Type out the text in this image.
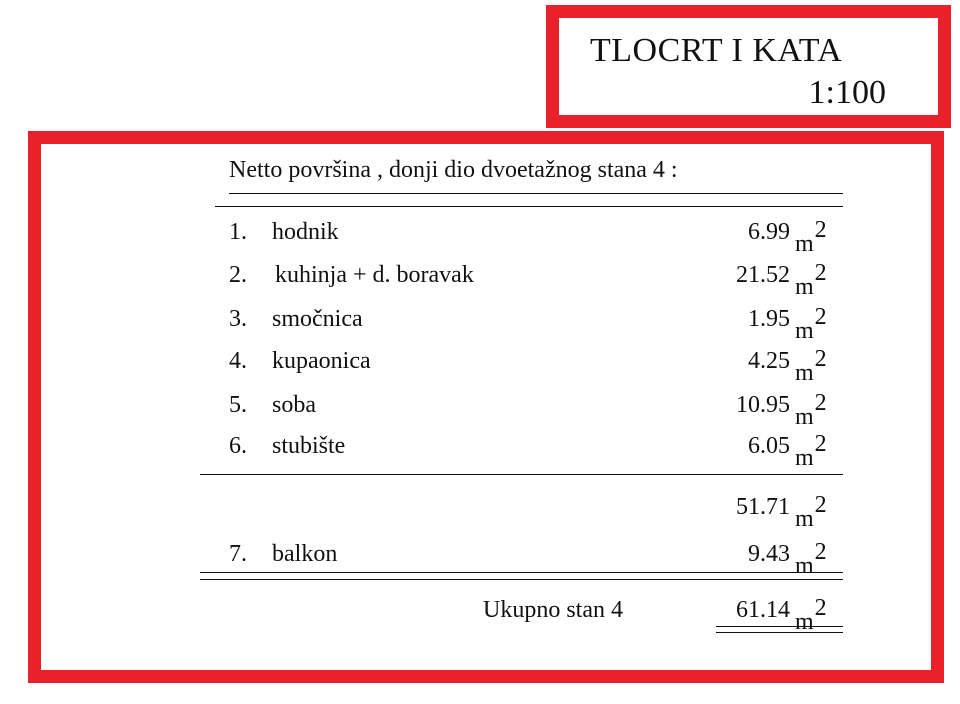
TLOCRT I KATA
1:100
Netto površina , donji dio dvoetažnog stana 4 :
1. hodnik	6.99 $m^2$
2. kuhinja + d. boravak	21.52 $m^2$
3. smočnica	1.95 $m^2$
4. kupaonica	4.25 $m^2$
5. soba	10.95 $m^2$
6. stubište	6.05 $m^2$
51.71 $m^2$
7. balkon	9.43 $m^2$
Ukupno stan 4	61.14 $m^2$
